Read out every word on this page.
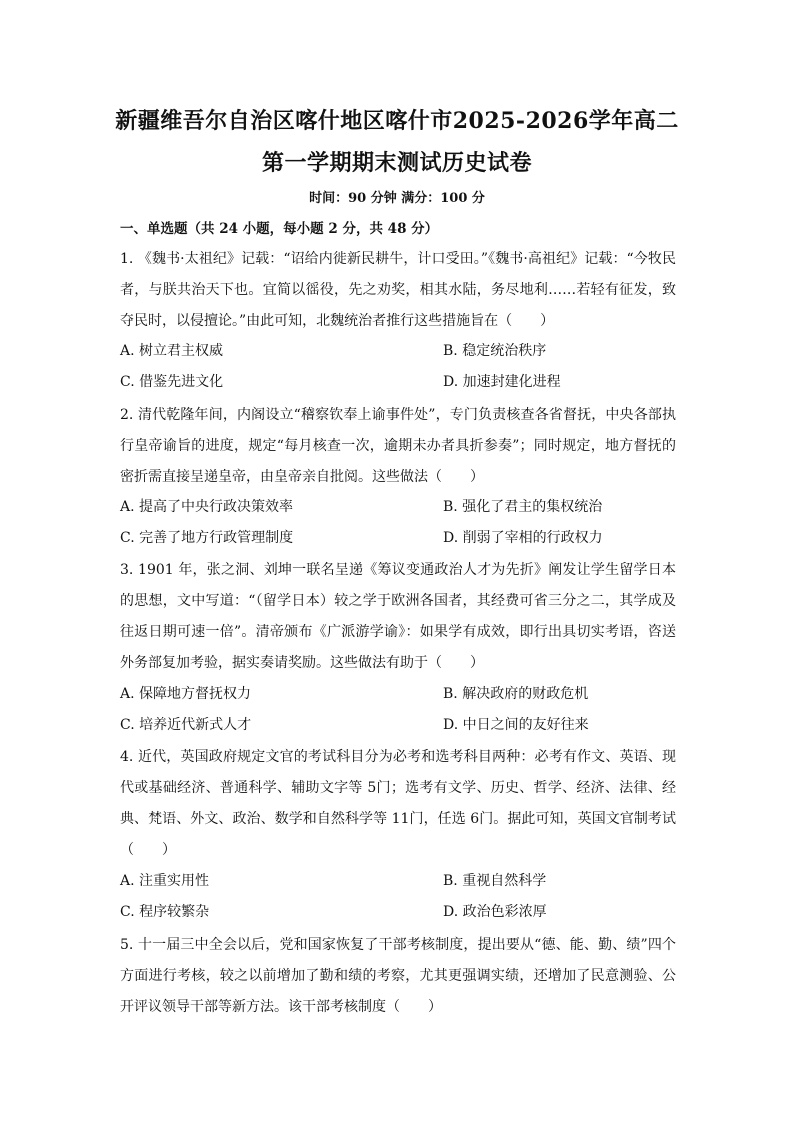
新疆维吾尔自治区喀什地区喀什市2025-2026学年高二
第一学期期末测试历史试卷
时间：90 分钟 满分：100 分
一、单选题（共 24 小题，每小题 2 分，共 48 分）
1. 《魏书·太祖纪》记载：“诏给内徙新民耕牛，计口受田。”《魏书·高祖纪》记载：“今牧民者，与朕共治天下也。宜简以徭役，先之劝奖，相其水陆，务尽地利……若轻有征发，致夺民时，以侵擅论。”由此可知，北魏统治者推行这些措施旨在（　　）
A. 树立君主权威	B. 稳定统治秩序
C. 借鉴先进文化	D. 加速封建化进程
2. 清代乾隆年间，内阁设立“稽察钦奉上谕事件处”，专门负责核查各省督抚，中央各部执行皇帝谕旨的进度，规定“每月核查一次，逾期未办者具折参奏”；同时规定，地方督抚的密折需直接呈递皇帝，由皇帝亲自批阅。这些做法（　　）
A. 提高了中央行政决策效率	B. 强化了君主的集权统治
C. 完善了地方行政管理制度	D. 削弱了宰相的行政权力
3. 1901 年，张之洞、刘坤一联名呈递《筹议变通政治人才为先折》阐发让学生留学日本的思想，文中写道：“（留学日本）较之学于欧洲各国者，其经费可省三分之二，其学成及往返日期可速一倍”。清帝颁布《广派游学谕》：如果学有成效，即行出具切实考语，咨送外务部复加考验，据实奏请奖励。这些做法有助于（　　）
A. 保障地方督抚权力	B. 解决政府的财政危机
C. 培养近代新式人才	D. 中日之间的友好往来
4. 近代，英国政府规定文官的考试科目分为必考和选考科目两种：必考有作文、英语、现代或基础经济、普通科学、辅助文字等 5门；选考有文学、历史、哲学、经济、法律、经典、梵语、外文、政治、数学和自然科学等 11门，任选 6门。据此可知，英国文官制考试（　　）
A. 注重实用性	B. 重视自然科学
C. 程序较繁杂	D. 政治色彩浓厚
5. 十一届三中全会以后，党和国家恢复了干部考核制度，提出要从“德、能、勤、绩”四个方面进行考核，较之以前增加了勤和绩的考察，尤其更强调实绩，还增加了民意测验、公开评议领导干部等新方法。该干部考核制度（　　）
